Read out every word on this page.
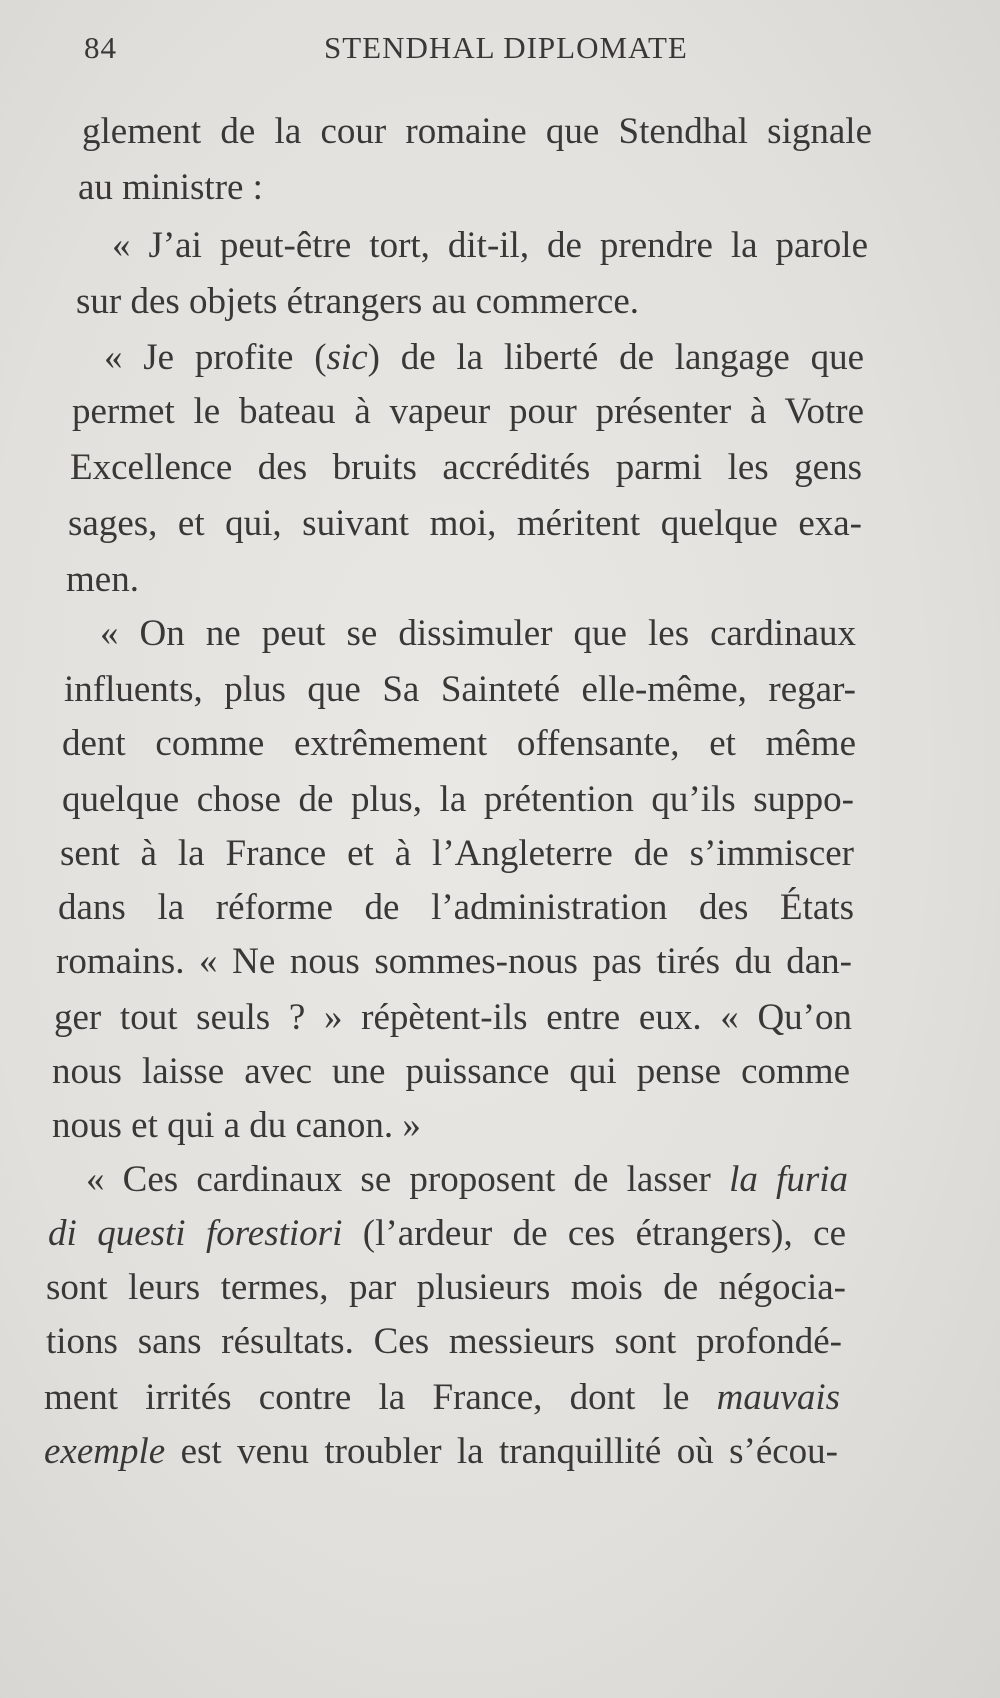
84	STENDHAL DIPLOMATE
glement de la cour romaine que Stendhal signale
au ministre :
« J’ai peut-être tort, dit-il, de prendre la parole
sur des objets étrangers au commerce.
« Je profite (sic) de la liberté de langage que
permet le bateau à vapeur pour présenter à Votre
Excellence des bruits accrédités parmi les gens
sages, et qui, suivant moi, méritent quelque exa-
men.
« On ne peut se dissimuler que les cardinaux
influents, plus que Sa Sainteté elle-même, regar-
dent comme extrêmement offensante, et même
quelque chose de plus, la prétention qu’ils suppo-
sent à la France et à l’Angleterre de s’immiscer
dans la réforme de l’administration des États
romains. « Ne nous sommes-nous pas tirés du dan-
ger tout seuls ? » répètent-ils entre eux. « Qu’on
nous laisse avec une puissance qui pense comme
nous et qui a du canon. »
« Ces cardinaux se proposent de lasser la furia
di questi forestiori (l’ardeur de ces étrangers), ce
sont leurs termes, par plusieurs mois de négocia-
tions sans résultats. Ces messieurs sont profondé-
ment irrités contre la France, dont le mauvais
exemple est venu troubler la tranquillité où s’écou-
